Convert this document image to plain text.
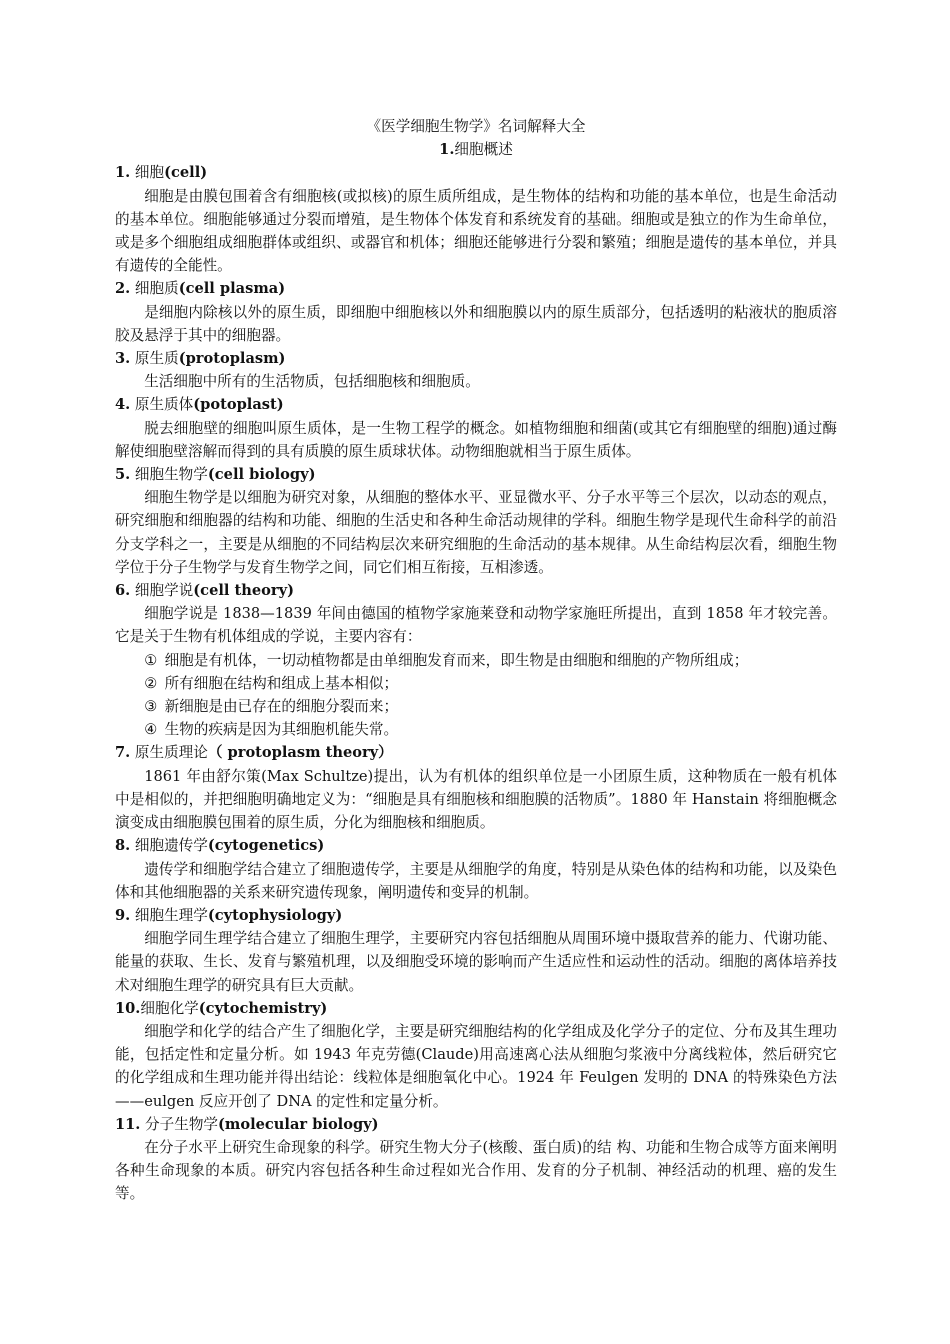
《医学细胞生物学》名词解释大全

1.细胞概述

1. 细胞(cell)

细胞是由膜包围着含有细胞核(或拟核)的原生质所组成，是生物体的结构和功能的基本单位，也是生命活动的基本单位。细胞能够通过分裂而增殖，是生物体个体发育和系统发育的基础。细胞或是独立的作为生命单位，或是多个细胞组成细胞群体或组织、或器官和机体；细胞还能够进行分裂和繁殖；细胞是遗传的基本单位，并具有遗传的全能性。

2. 细胞质(cell plasma)

是细胞内除核以外的原生质，即细胞中细胞核以外和细胞膜以内的原生质部分，包括透明的粘液状的胞质溶胶及悬浮于其中的细胞器。

3. 原生质(protoplasm)

生活细胞中所有的生活物质，包括细胞核和细胞质。

4. 原生质体(potoplast)

脱去细胞壁的细胞叫原生质体，是一生物工程学的概念。如植物细胞和细菌(或其它有细胞壁的细胞)通过酶解使细胞壁溶解而得到的具有质膜的原生质球状体。动物细胞就相当于原生质体。

5. 细胞生物学(cell biology)

细胞生物学是以细胞为研究对象，从细胞的整体水平、亚显微水平、分子水平等三个层次，以动态的观点，研究细胞和细胞器的结构和功能、细胞的生活史和各种生命活动规律的学科。细胞生物学是现代生命科学的前沿分支学科之一，主要是从细胞的不同结构层次来研究细胞的生命活动的基本规律。从生命结构层次看，细胞生物学位于分子生物学与发育生物学之间，同它们相互衔接，互相渗透。

6. 细胞学说(cell theory)

细胞学说是 1838—1839 年间由德国的植物学家施莱登和动物学家施旺所提出，直到 1858 年才较完善。它是关于生物有机体组成的学说，主要内容有：

① 细胞是有机体，一切动植物都是由单细胞发育而来，即生物是由细胞和细胞的产物所组成；

② 所有细胞在结构和组成上基本相似；

③ 新细胞是由已存在的细胞分裂而来；

④ 生物的疾病是因为其细胞机能失常。

7. 原生质理论（ protoplasm theory）

1861 年由舒尔策(Max Schultze)提出，认为有机体的组织单位是一小团原生质，这种物质在一般有机体中是相似的，并把细胞明确地定义为：“细胞是具有细胞核和细胞膜的活物质”。1880 年 Hanstain 将细胞概念演变成由细胞膜包围着的原生质，分化为细胞核和细胞质。

8. 细胞遗传学(cytogenetics)

遗传学和细胞学结合建立了细胞遗传学，主要是从细胞学的角度，特别是从染色体的结构和功能，以及染色体和其他细胞器的关系来研究遗传现象，阐明遗传和变异的机制。

9. 细胞生理学(cytophysiology)

细胞学同生理学结合建立了细胞生理学，主要研究内容包括细胞从周围环境中摄取营养的能力、代谢功能、能量的获取、生长、发育与繁殖机理，以及细胞受环境的影响而产生适应性和运动性的活动。细胞的离体培养技术对细胞生理学的研究具有巨大贡献。

10.细胞化学(cytochemistry)

细胞学和化学的结合产生了细胞化学，主要是研究细胞结构的化学组成及化学分子的定位、分布及其生理功能，包括定性和定量分析。如 1943 年克劳德(Claude)用高速离心法从细胞匀浆液中分离线粒体，然后研究它的化学组成和生理功能并得出结论：线粒体是细胞氧化中心。1924 年 Feulgen 发明的 DNA 的特殊染色方法——eulgen 反应开创了 DNA 的定性和定量分析。

11. 分子生物学(molecular biology)

在分子水平上研究生命现象的科学。研究生物大分子(核酸、蛋白质)的结 构、功能和生物合成等方面来阐明各种生命现象的本质。研究内容包括各种生命过程如光合作用、发育的分子机制、神经活动的机理、癌的发生等。
